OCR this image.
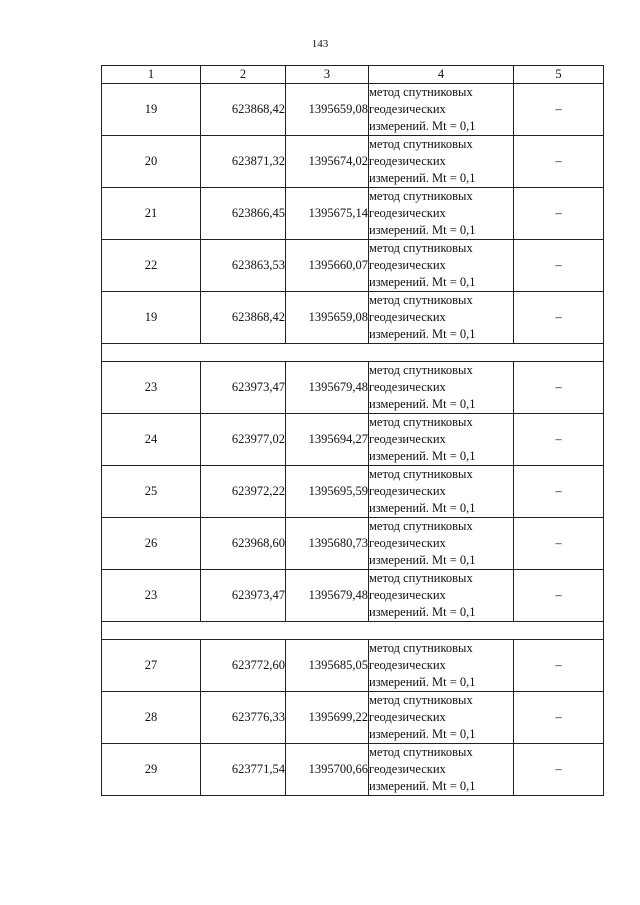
143
1	2	3	4	5
19	623868,42	1395659,08	метод спутниковых
геодезических
измерений. Mt = 0,1	–
20	623871,32	1395674,02	метод спутниковых
геодезических
измерений. Mt = 0,1	–
21	623866,45	1395675,14	метод спутниковых
геодезических
измерений. Mt = 0,1	–
22	623863,53	1395660,07	метод спутниковых
геодезических
измерений. Mt = 0,1	–
19	623868,42	1395659,08	метод спутниковых
геодезических
измерений. Mt = 0,1	–

23	623973,47	1395679,48	метод спутниковых
геодезических
измерений. Mt = 0,1	–
24	623977,02	1395694,27	метод спутниковых
геодезических
измерений. Mt = 0,1	–
25	623972,22	1395695,59	метод спутниковых
геодезических
измерений. Mt = 0,1	–
26	623968,60	1395680,73	метод спутниковых
геодезических
измерений. Mt = 0,1	–
23	623973,47	1395679,48	метод спутниковых
геодезических
измерений. Mt = 0,1	–

27	623772,60	1395685,05	метод спутниковых
геодезических
измерений. Mt = 0,1	–
28	623776,33	1395699,22	метод спутниковых
геодезических
измерений. Mt = 0,1	–
29	623771,54	1395700,66	метод спутниковых
геодезических
измерений. Mt = 0,1	–
